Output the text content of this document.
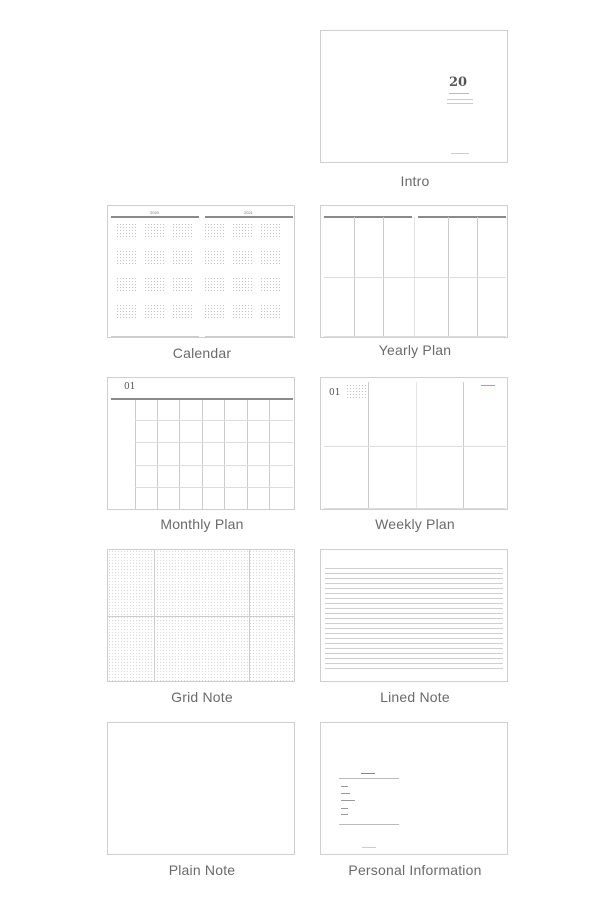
20
Intro
2020	2021
Calendar	Yearly Plan
01
Monthly Plan
01
Weekly Plan
Grid Note	Lined Note
Plain Note	Personal Information
